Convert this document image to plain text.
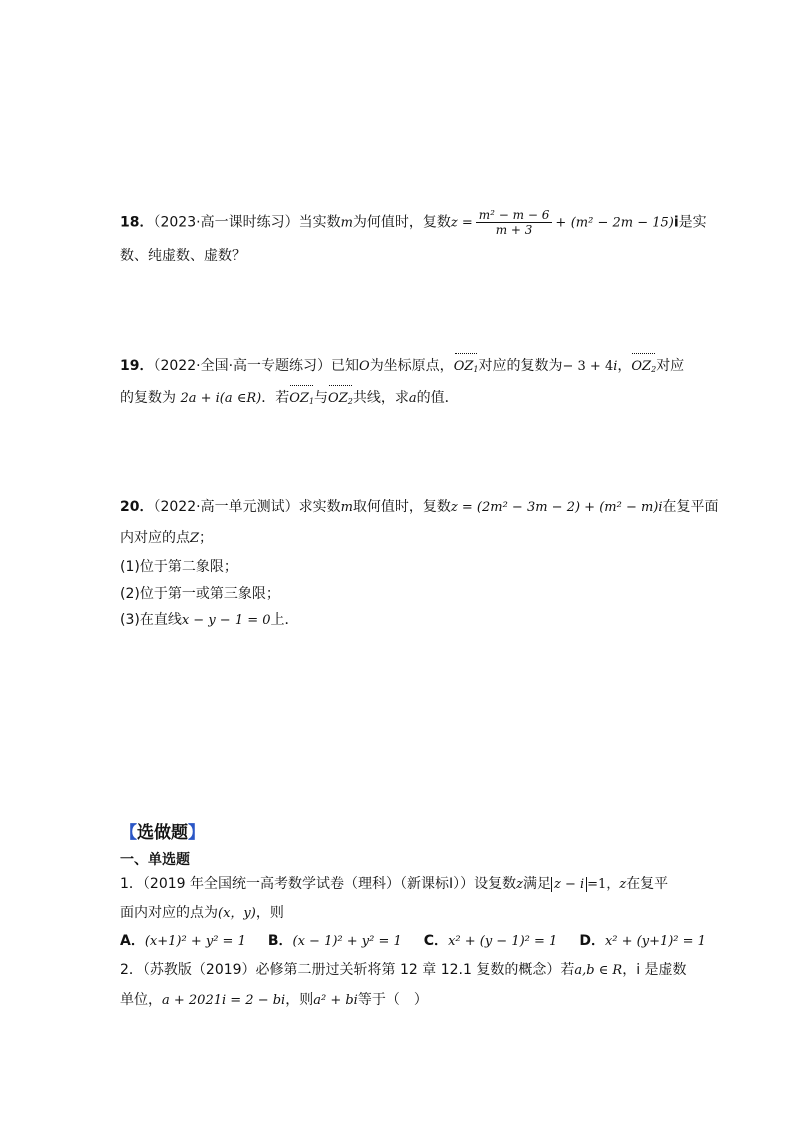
18．（2023·高一课时练习）当实数m为何值时，复数$z = \frac{\text{m² − m − 6}}{m + 3} + (m^2 - 2m - 15)i$是实
数、纯虚数、虚数？
19．（2022·全国·高一专题练习）已知O为坐标原点，$OZ_1$对应的复数为− 3 + 4i，$OZ_2$对应
的复数为 2a + i(a ∈R)．若$OZ_1$与$OZ_2$共线，求a的值．
20．（2022·高一单元测试）求实数m取何值时，复数z = (2m² − 3m − 2) + (m² − m)i在复平面
内对应的点Z；
(1)位于第二象限；
(2)位于第一或第三象限；
(3)在直线x − y − 1 = 0上．
【选做题】
一、单选题
1．（2019 年全国统一高考数学试卷（理科）（新课标Ⅰ））设复数z满足 z − i =1，z在复平
面内对应的点为(x，y)，则
A．(x+1)² + y² = 1 B．(x − 1)² + y² = 1 C．x² + (y − 1)² = 1 D．x² + (y+1)² = 1
2．（苏教版（2019）必修第二册过关斩将第 12 章 12.1 复数的概念）若a,b ∈ R，i 是虚数
单位，a + 2021i = 2 − bi，则a² + bi等于（　）
